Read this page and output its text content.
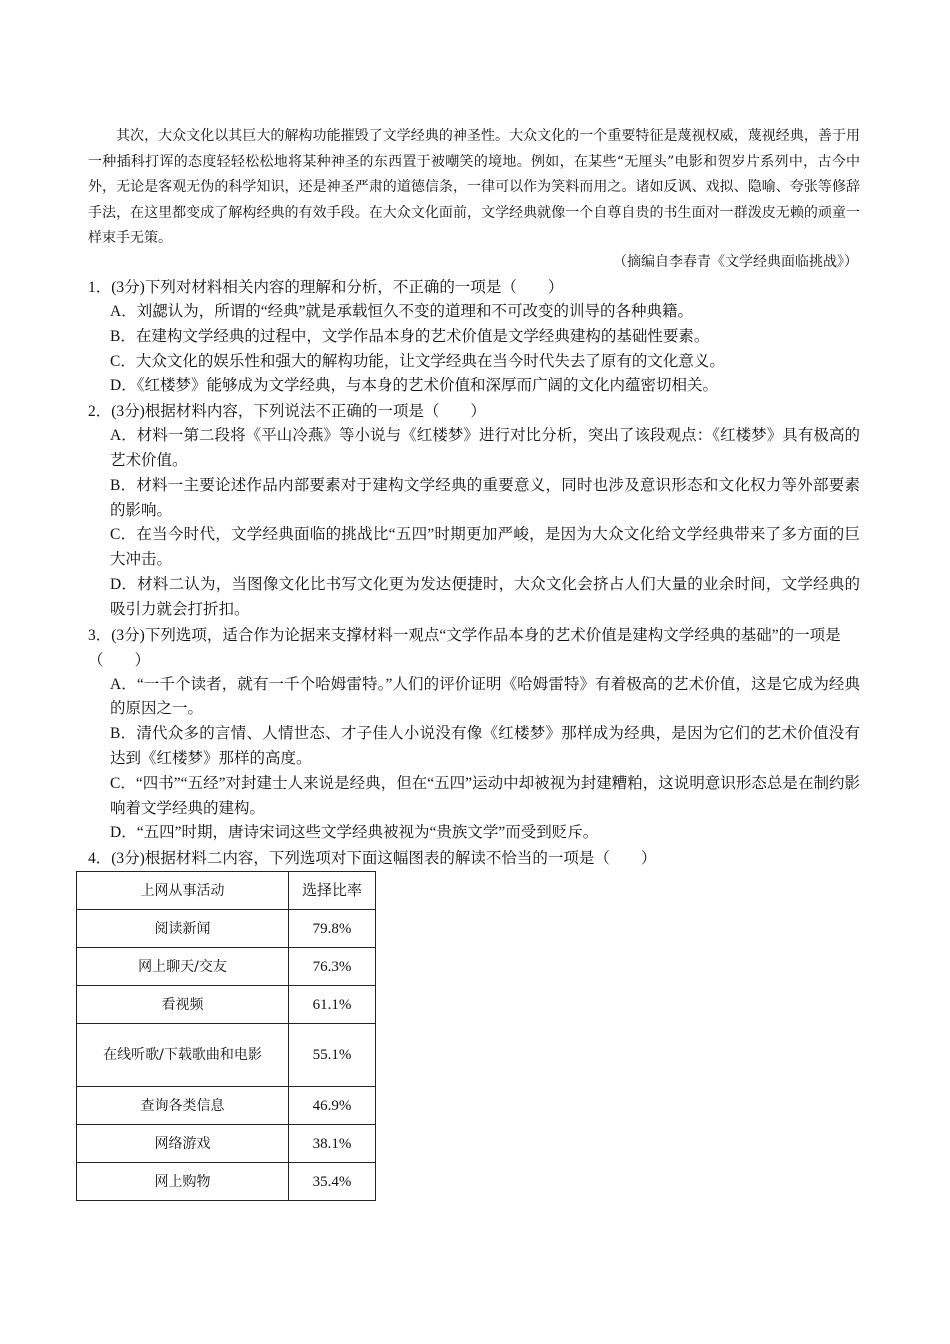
其次，大众文化以其巨大的解构功能摧毁了文学经典的神圣性。大众文化的一个重要特征是蔑视权威，蔑视经典，善于用一种插科打诨的态度轻轻松松地将某种神圣的东西置于被嘲笑的境地。例如，在某些“无厘头”电影和贺岁片系列中，古今中外，无论是客观无伪的科学知识，还是神圣严肃的道德信条，一律可以作为笑料而用之。诸如反讽、戏拟、隐喻、夸张等修辞手法，在这里都变成了解构经典的有效手段。在大众文化面前，文学经典就像一个自尊自贵的书生面对一群泼皮无赖的顽童一样束手无策。

（摘编自李春青《文学经典面临挑战》）
1．(3分)下列对材料相关内容的理解和分析，不正确的一项是（　　）
A．刘勰认为，所谓的“经典”就是承载恒久不变的道理和不可改变的训导的各种典籍。
B．在建构文学经典的过程中，文学作品本身的艺术价值是文学经典建构的基础性要素。
C．大众文化的娱乐性和强大的解构功能，让文学经典在当今时代失去了原有的文化意义。
D．《红楼梦》能够成为文学经典，与本身的艺术价值和深厚而广阔的文化内蕴密切相关。
2．(3分)根据材料内容，下列说法不正确的一项是（　　）
A．材料一第二段将《平山冷燕》等小说与《红楼梦》进行对比分析，突出了该段观点：《红楼梦》具有极高的艺术价值。
B．材料一主要论述作品内部要素对于建构文学经典的重要意义，同时也涉及意识形态和文化权力等外部要素的影响。
C．在当今时代，文学经典面临的挑战比“五四”时期更加严峻，是因为大众文化给文学经典带来了多方面的巨大冲击。
D．材料二认为，当图像文化比书写文化更为发达便捷时，大众文化会挤占人们大量的业余时间，文学经典的吸引力就会打折扣。
3．(3分)下列选项，适合作为论据来支撑材料一观点“文学作品本身的艺术价值是建构文学经典的基础”的一项是（　　）
A．“一千个读者，就有一千个哈姆雷特。”人们的评价证明《哈姆雷特》有着极高的艺术价值，这是它成为经典的原因之一。
B．清代众多的言情、人情世态、才子佳人小说没有像《红楼梦》那样成为经典，是因为它们的艺术价值没有达到《红楼梦》那样的高度。
C．“四书”“五经”对封建士人来说是经典，但在“五四”运动中却被视为封建糟粕，这说明意识形态总是在制约影响着文学经典的建构。
D．“五四”时期，唐诗宋词这些文学经典被视为“贵族文学”而受到贬斥。
4．(3分)根据材料二内容，下列选项对下面这幅图表的解读不恰当的一项是（　　）
上网从事活动	选择比率
阅读新闻	79.8%
网上聊天/交友	76.3%
看视频	61.1%
在线听歌/下载歌曲和电影	55.1%
查询各类信息	46.9%
网络游戏	38.1%
网上购物	35.4%
